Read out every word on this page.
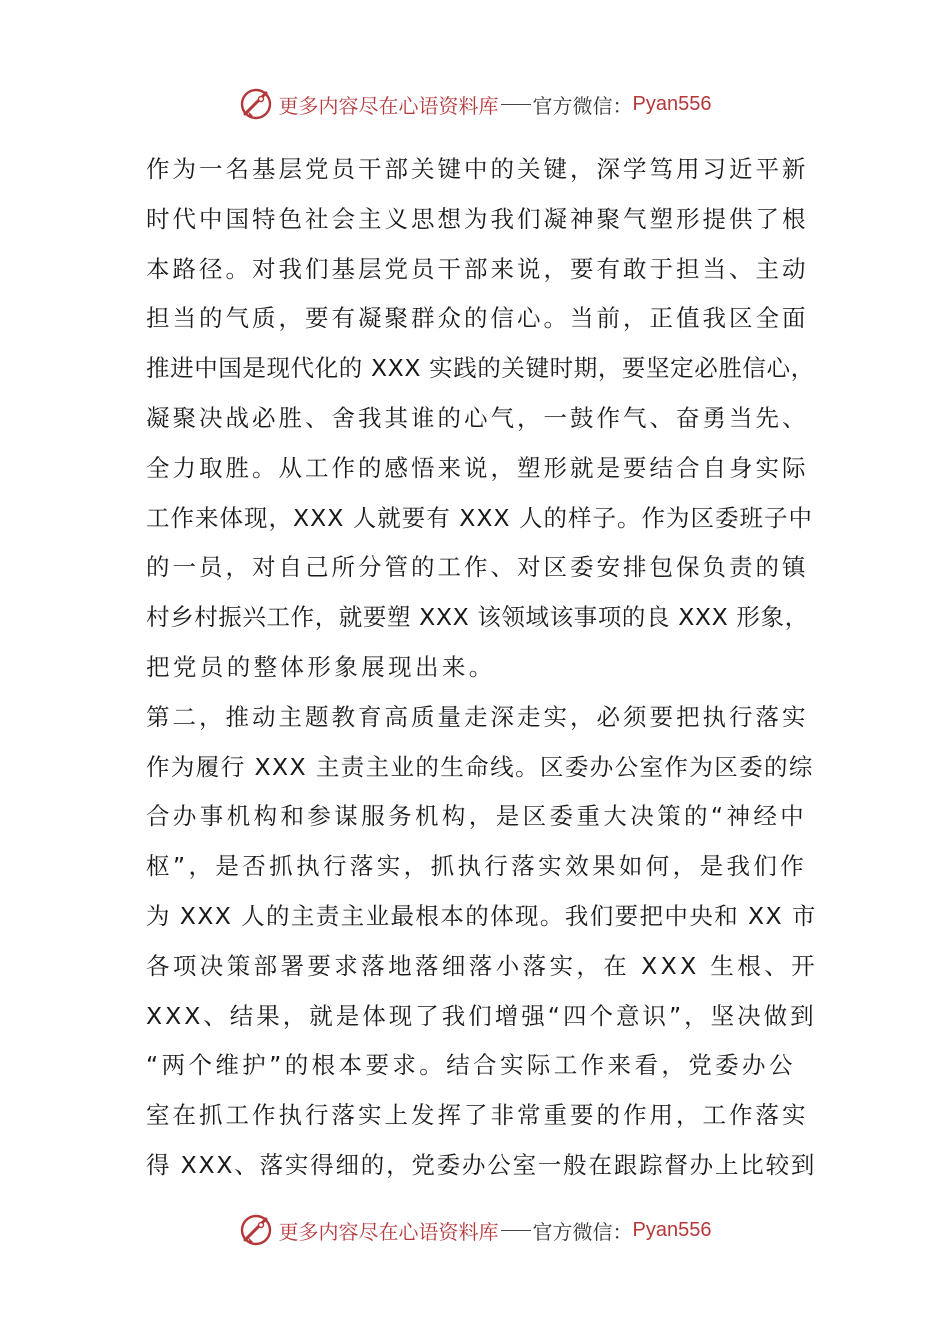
更多内容尽在心语资料库 官方微信： Pyan556
作为一名基层党员干部关键中的关键，深学笃用习近平新
时代中国特色社会主义思想为我们凝神聚气塑形提供了根
本路径。对我们基层党员干部来说，要有敢于担当、主动
担当的气质，要有凝聚群众的信心。当前，正值我区全面
推进中国是现代化的 XXX 实践的关键时期，要坚定必胜信心，
凝聚决战必胜、舍我其谁的心气，一鼓作气、奋勇当先、
全力取胜。从工作的感悟来说，塑形就是要结合自身实际
工作来体现，XXX 人就要有 XXX 人的样子。作为区委班子中
的一员，对自己所分管的工作、对区委安排包保负责的镇
村乡村振兴工作，就要塑 XXX 该领域该事项的良 XXX 形象，
把党员的整体形象展现出来。
第二，推动主题教育高质量走深走实，必须要把执行落实
作为履行 XXX 主责主业的生命线。区委办公室作为区委的综
合办事机构和参谋服务机构，是区委重大决策的“神经中
枢”，是否抓执行落实，抓执行落实效果如何，是我们作
为 XXX 人的主责主业最根本的体现。我们要把中央和 XX 市
各项决策部署要求落地落细落小落实，在 XXX 生根、开
XXX、结果，就是体现了我们增强“四个意识”，坚决做到
“两个维护”的根本要求。结合实际工作来看，党委办公
室在抓工作执行落实上发挥了非常重要的作用，工作落实
得 XXX、落实得细的，党委办公室一般在跟踪督办上比较到
更多内容尽在心语资料库 官方微信： Pyan556
